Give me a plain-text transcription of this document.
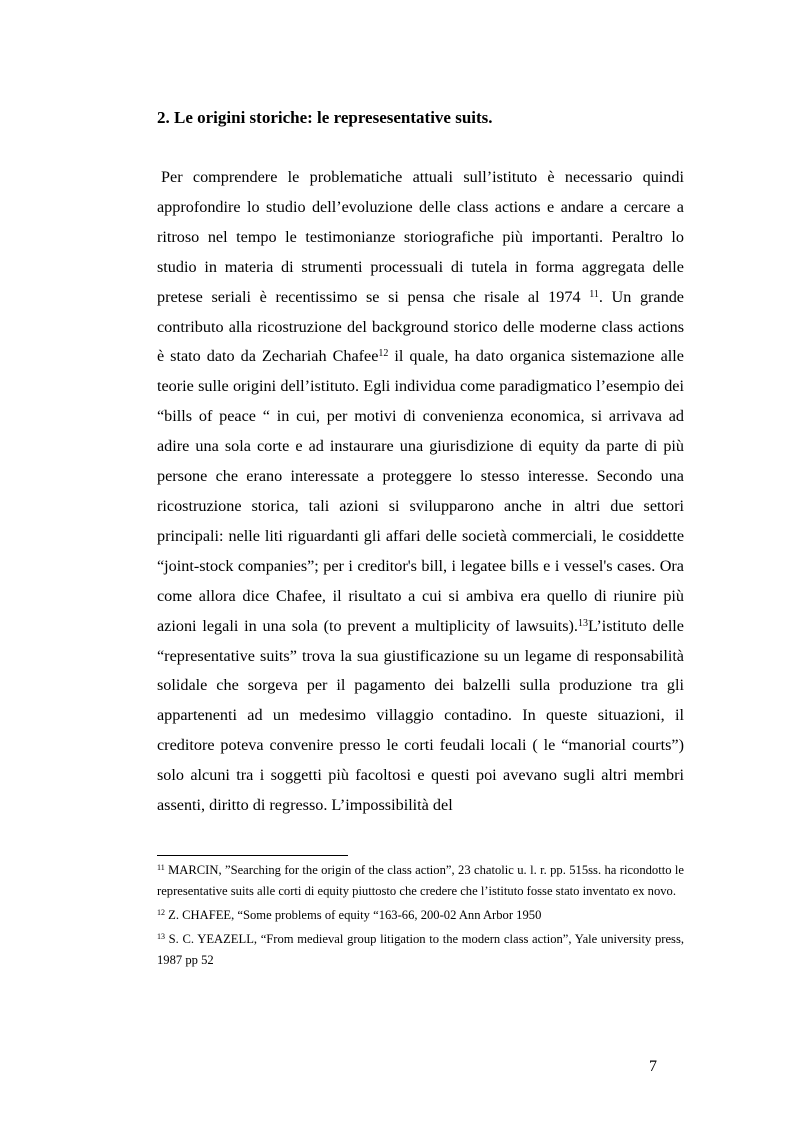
2. Le origini storiche: le represesentative suits.

Per comprendere le problematiche attuali sull’istituto è necessario quindi approfondire lo studio dell’evoluzione delle class actions e andare a cercare a ritroso nel tempo le testimonianze storiografiche più importanti. Peraltro lo studio in materia di strumenti processuali di tutela in forma aggregata delle pretese seriali è recentissimo se si pensa che risale al 1974 $^{11}$. Un grande contributo alla ricostruzione del background storico delle moderne class actions è stato dato da Zechariah Chafee$^{12}$ il quale, ha dato organica sistemazione alle teorie sulle origini dell’istituto. Egli individua come paradigmatico l’esempio dei “bills of peace “ in cui, per motivi di convenienza economica, si arrivava ad adire una sola corte e ad instaurare una giurisdizione di equity da parte di più persone che erano interessate a proteggere lo stesso interesse. Secondo una ricostruzione storica, tali azioni si svilupparono anche in altri due settori principali: nelle liti riguardanti gli affari delle società commerciali, le cosiddette “joint-stock companies”; per i creditor's bill, i legatee bills e i vessel's cases. Ora come allora dice Chafee, il risultato a cui si ambiva era quello di riunire più azioni legali in una sola (to prevent a multiplicity of lawsuits).$^{13}$L’istituto delle “representative suits” trova la sua giustificazione su un legame di responsabilità solidale che sorgeva per il pagamento dei balzelli sulla produzione tra gli appartenenti ad un medesimo villaggio contadino. In queste situazioni, il creditore poteva convenire presso le corti feudali locali ( le “manorial courts”) solo alcuni tra i soggetti più facoltosi e questi poi avevano sugli altri membri assenti, diritto di regresso. L’impossibilità del

$^{11}$ MARCIN, ”Searching for the origin of the class action”, 23 chatolic u. l. r. pp. 515ss. ha ricondotto le representative suits alle corti di equity piuttosto che credere che l’istituto fosse stato inventato ex novo.

$^{12}$ Z. CHAFEE, “Some problems of equity “163-66, 200-02 Ann Arbor 1950

$^{13}$ S. C. YEAZELL, “From medieval group litigation to the modern class action”, Yale university press, 1987 pp 52

7
